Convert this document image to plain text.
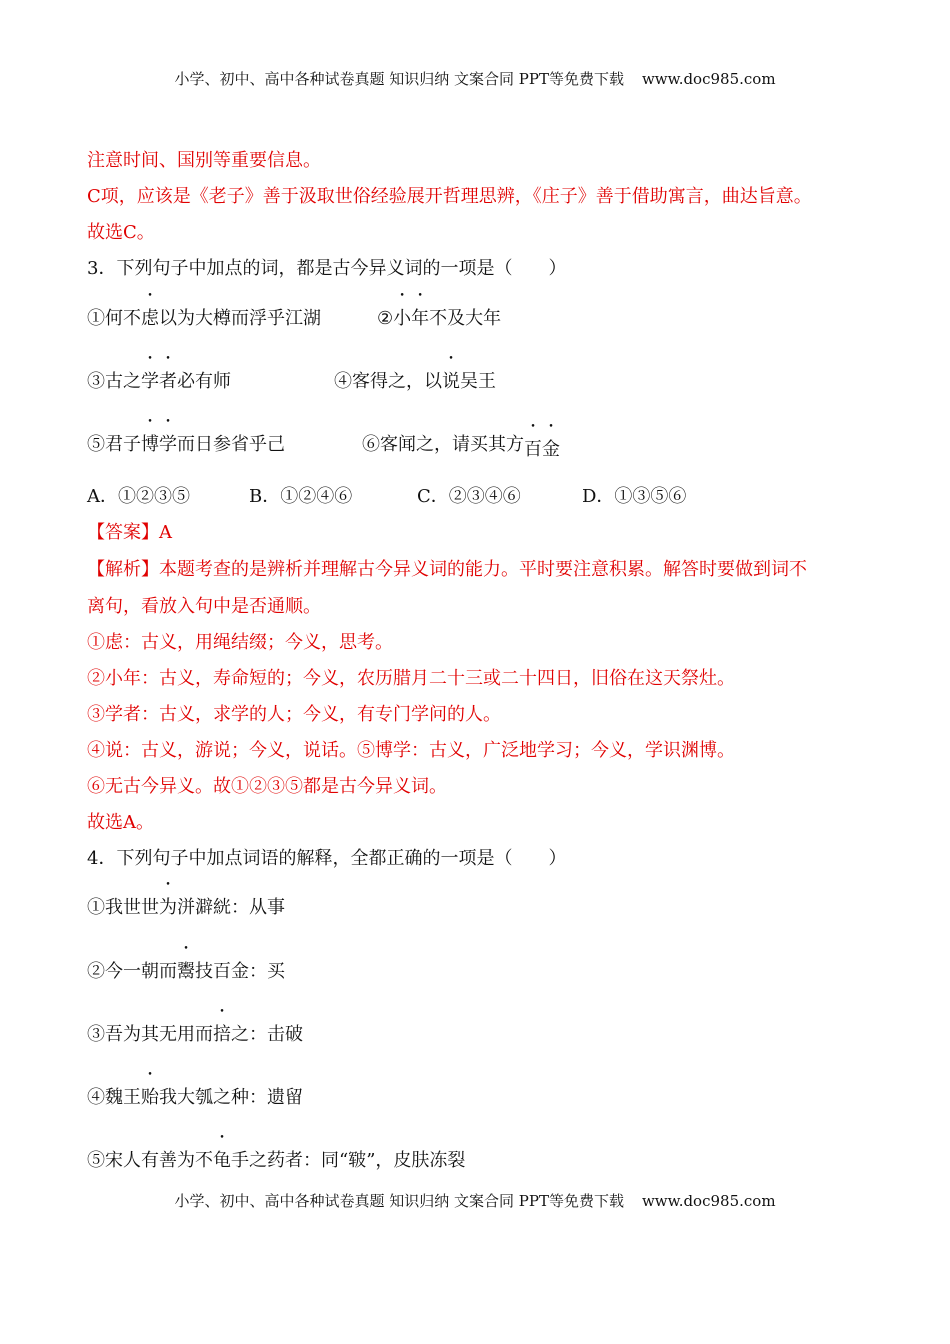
小学、初中、高中各种试卷真题 知识归纳 文案合同 PPT等免费下载 www.doc985.com
注意时间、国别等重要信息。
C项，应该是《老子》善于汲取世俗经验展开哲理思辨，《庄子》善于借助寓言，曲达旨意。
故选C。
3．下列句子中加点的词，都是古今异义词的一项是（　　）
①何不虑以为大樽而浮乎江湖	②小年不及大年
③古之学者必有师	④客得之，以说吴王
⑤君子博学而日参省乎己	⑥客闻之，请买其方百金
A．①②③⑤	B．①②④⑥	C．②③④⑥	D．①③⑤⑥
【答案】A
【解析】本题考查的是辨析并理解古今异义词的能力。平时要注意积累。解答时要做到词不
离句，看放入句中是否通顺。
①虑：古义，用绳结缀；今义，思考。
②小年：古义，寿命短的；今义，农历腊月二十三或二十四日，旧俗在这天祭灶。
③学者：古义，求学的人；今义，有专门学问的人。
④说：古义，游说；今义，说话。⑤博学：古义，广泛地学习；今义，学识渊博。
⑥无古今异义。故①②③⑤都是古今异义词。
故选A。
4．下列句子中加点词语的解释，全都正确的一项是（　　）
①我世世为洴澼絖：从事
②今一朝而鬻技百金：买
③吾为其无用而掊之：击破
④魏王贻我大瓠之种：遗留
⑤宋人有善为不龟手之药者：同“皲”，皮肤冻裂
小学、初中、高中各种试卷真题 知识归纳 文案合同 PPT等免费下载 www.doc985.com
